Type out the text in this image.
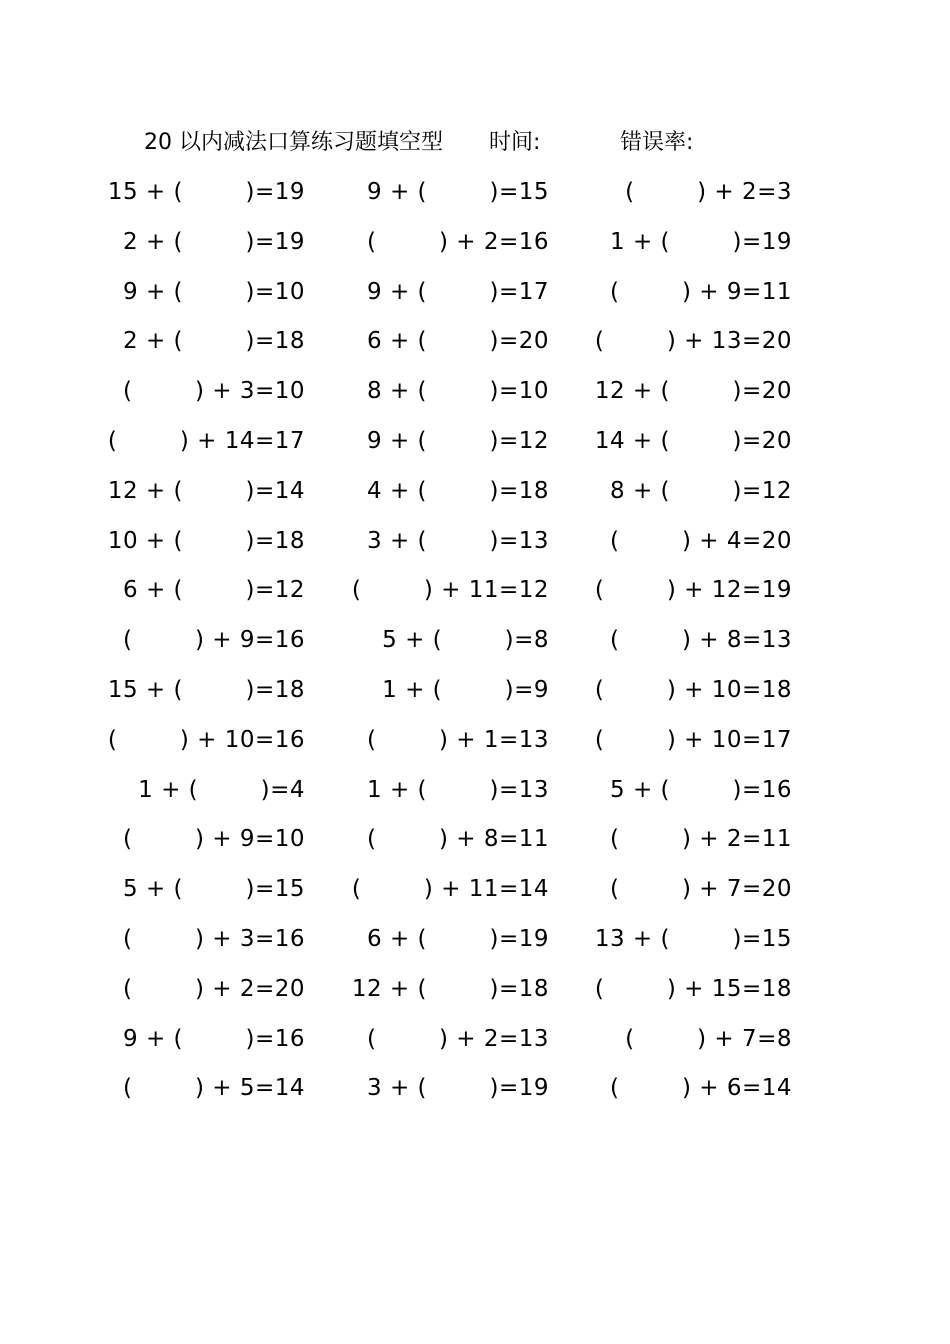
20 以内减法口算练习题填空型 时间:	错误率:
15 + (        )=19	9 + (        )=15	(        ) + 2=3
2 + (        )=19	(        ) + 2=16	1 + (        )=19
9 + (        )=10	9 + (        )=17	(        ) + 9=11
2 + (        )=18	6 + (        )=20 (        ) + 13=20
(        ) + 3=10	8 + (        )=10 12 + (        )=20
(        ) + 14=17	9 + (        )=12 14 + (        )=20
12 + (        )=14	4 + (        )=18	8 + (        )=12
10 + (        )=18	3 + (        )=13	(        ) + 4=20
6 + (        )=12 (        ) + 11=12 (        ) + 12=19
(        ) + 9=16	5 + (        )=8	(        ) + 8=13
15 + (        )=18	1 + (        )=9 (        ) + 10=18
(        ) + 10=16	(        ) + 1=13 (        ) + 10=17
1 + (        )=4	1 + (        )=13	5 + (        )=16
(        ) + 9=10	(        ) + 8=11	(        ) + 2=11
5 + (        )=15 (        ) + 11=14	(        ) + 7=20
(        ) + 3=16	6 + (        )=19 13 + (        )=15
(        ) + 2=20 12 + (        )=18 (        ) + 15=18
9 + (        )=16	(        ) + 2=13	(        ) + 7=8
(        ) + 5=14	3 + (        )=19	(        ) + 6=14
